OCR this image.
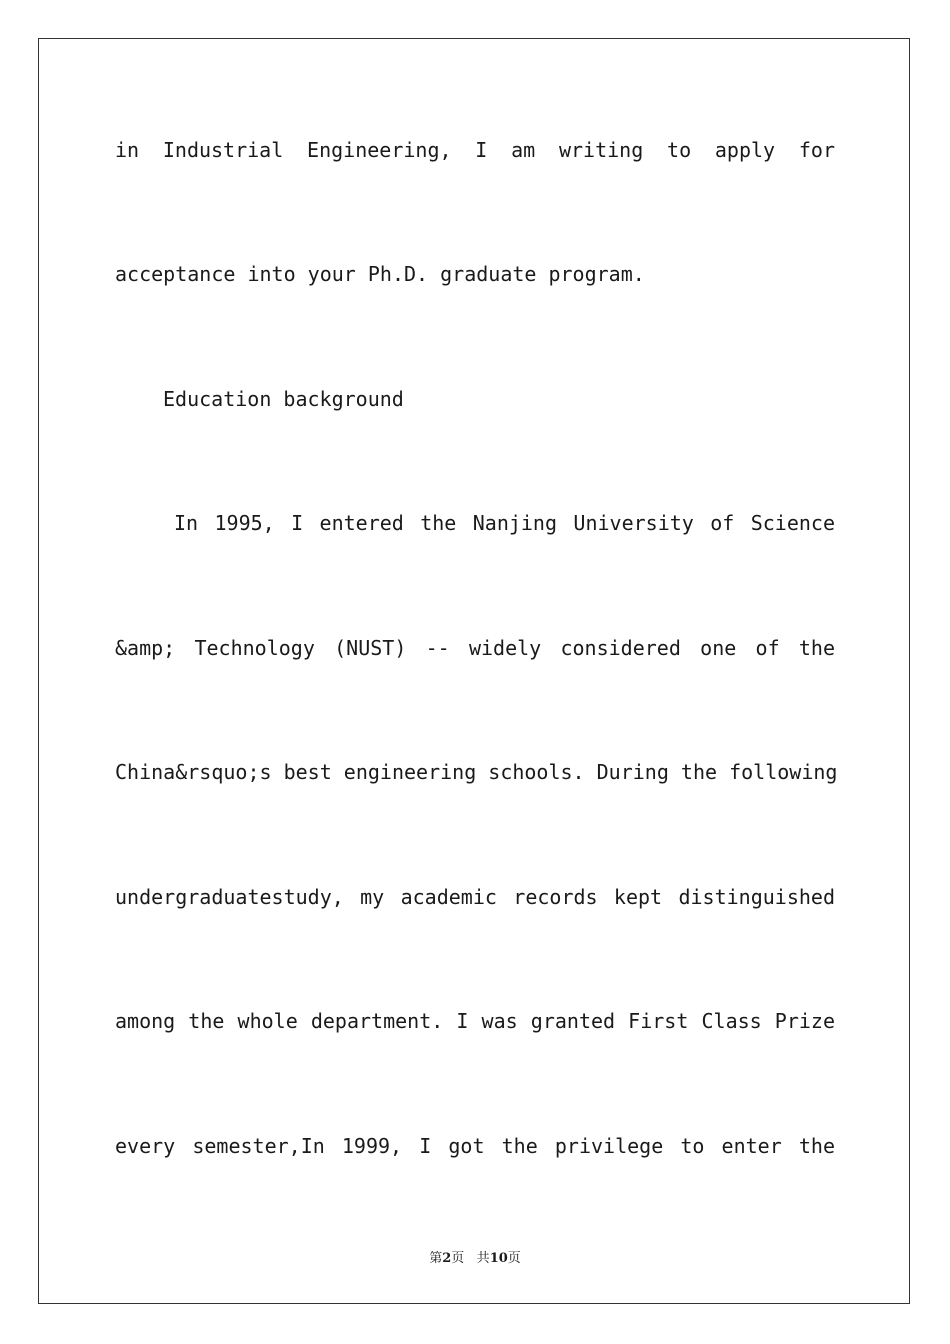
in Industrial Engineering, I am writing to apply for
acceptance into your Ph.D. graduate program.
Education background
In 1995, I entered the Nanjing University of Science
&amp; Technology (NUST) -- widely considered one of the
China&rsquo;s best engineering schools. During the following
undergraduatestudy, my academic records kept distinguished
among the whole department. I was granted First Class Prize
every semester,In 1999, I got the privilege to enter the
第2页 共10页
